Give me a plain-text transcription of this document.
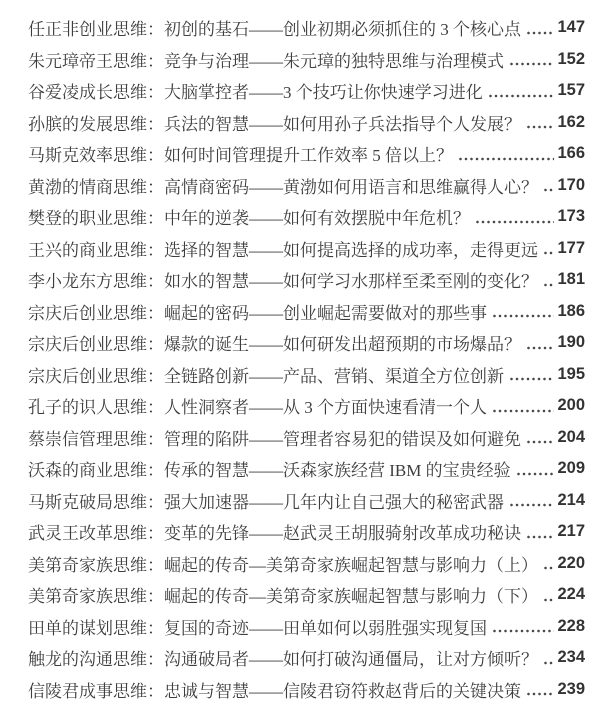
任正非创业思维：初创的基石——创业初期必须抓住的 3 个核心点 147
朱元璋帝王思维：竞争与治理——朱元璋的独特思维与治理模式	152
谷爱凌成长思维：大脑掌控者——3 个技巧让你快速学习进化	157
孙膑的发展思维：兵法的智慧——如何用孙子兵法指导个人发展？ 162
马斯克效率思维：如何时间管理提升工作效率 5 倍以上？	166
黄渤的情商思维：高情商密码——黄渤如何用语言和思维赢得人心？ 170
樊登的职业思维：中年的逆袭——如何有效摆脱中年危机？	173
王兴的商业思维：选择的智慧——如何提高选择的成功率，走得更远 177
李小龙东方思维：如水的智慧——如何学习水那样至柔至刚的变化？ 181
宗庆后创业思维：崛起的密码——创业崛起需要做对的那些事	186
宗庆后创业思维：爆款的诞生——如何研发出超预期的市场爆品？ 190
宗庆后创业思维：全链路创新——产品、营销、渠道全方位创新	195
孔子的识人思维：人性洞察者——从 3 个方面快速看清一个人	200
蔡崇信管理思维：管理的陷阱——管理者容易犯的错误及如何避免 204
沃森的商业思维：传承的智慧——沃森家族经营 IBM 的宝贵经验	209
马斯克破局思维：强大加速器——几年内让自己强大的秘密武器	214
武灵王改革思维：变革的先锋——赵武灵王胡服骑射改革成功秘诀 217
美第奇家族思维：崛起的传奇—美第奇家族崛起智慧与影响力（上） 220
美第奇家族思维：崛起的传奇—美第奇家族崛起智慧与影响力（下） 224
田单的谋划思维：复国的奇迹——田单如何以弱胜强实现复国	228
触龙的沟通思维：沟通破局者——如何打破沟通僵局，让对方倾听？ 234
信陵君成事思维：忠诚与智慧——信陵君窃符救赵背后的关键决策 239
